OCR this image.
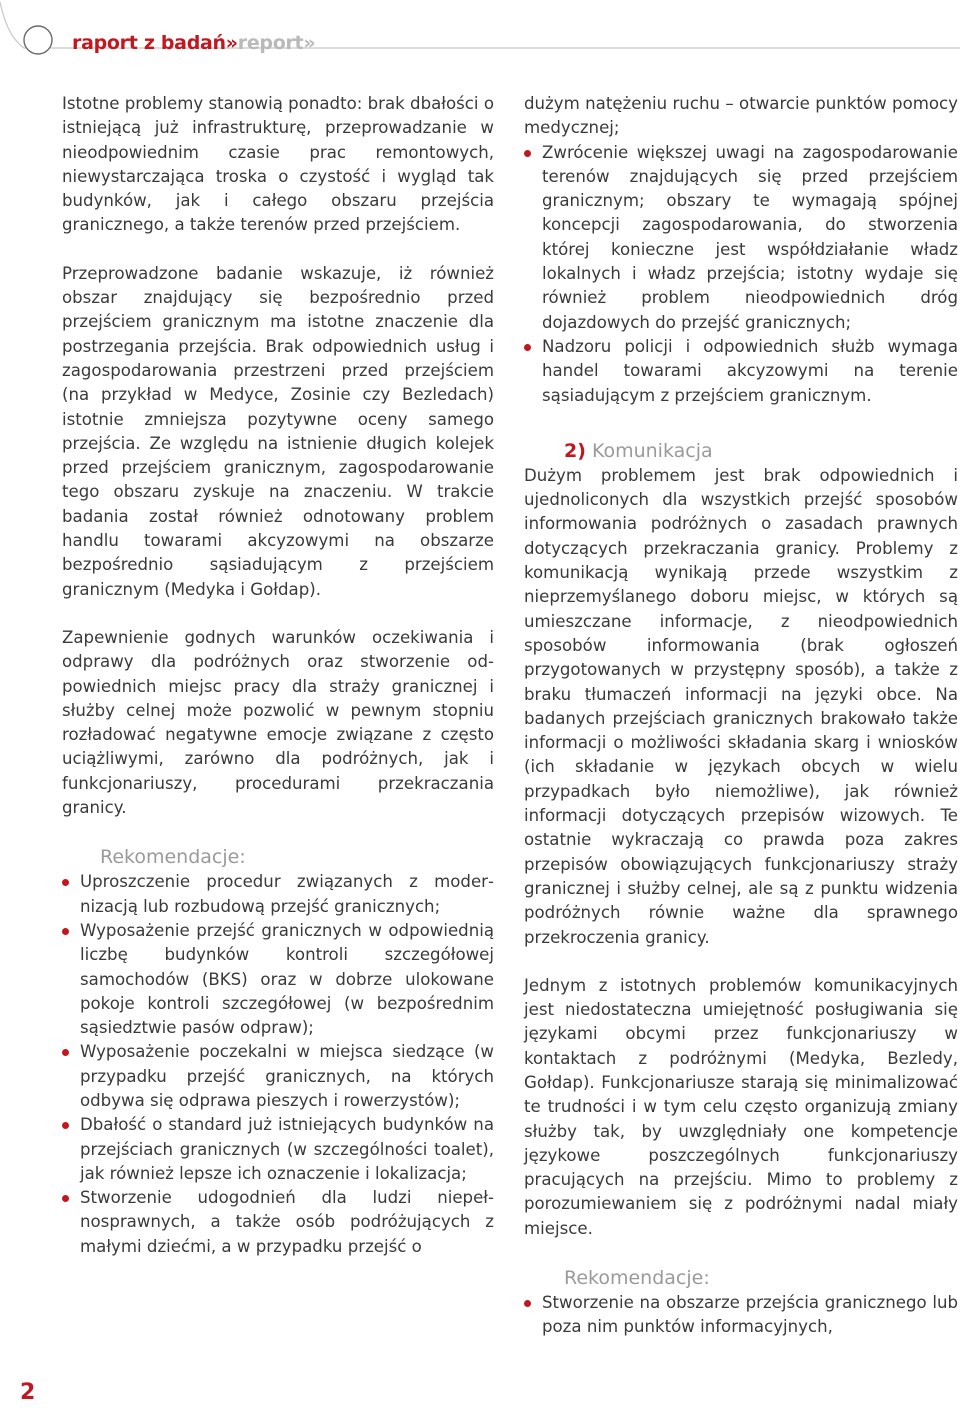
raport z badań»report»

Istotne problemy stanowią ponadto: brak dbałości o istniejącą już infrastrukturę, przeprowadzanie w nieodpowiednim czasie prac remontowych, niewystarczająca troska o czystość i wygląd tak budynków, jak i całego obszaru przejścia granicznego, a także terenów przed przejściem.

Przeprowadzone badanie wskazuje, iż również obszar znajdujący się bezpośrednio przed przejściem granicznym ma istotne znaczenie dla postrzegania przejścia. Brak odpowiednich usług i zagospodarowania przestrzeni przed przejściem (na przykład w Medyce, Zosinie czy Bezledach) istotnie zmniejsza pozytywne oceny samego przejścia. Ze względu na istnienie długich kolejek przed przejściem granicznym, zagospodarowanie tego obszaru zyskuje na znaczeniu. W trakcie badania został również odnotowany problem handlu towarami akcyzowymi na obszarze bezpośrednio sąsiadującym z przejściem granicznym (Medyka i Gołdap).

Zapewnienie godnych warunków oczekiwania i odprawy dla podróżnych oraz stworzenie odpowiednich miejsc pracy dla straży granicznej i służby celnej może pozwolić w pewnym stopniu rozładować negatywne emocje związane z często uciążliwymi, zarówno dla podróżnych, jak i funkcjonariuszy, procedurami przekraczania granicy.

Rekomendacje:
Uproszczenie procedur związanych z modernizacją lub rozbudową przejść granicznych;
Wyposażenie przejść granicznych w odpowiednią liczbę budynków kontroli szczegółowej samochodów (BKS) oraz w dobrze ulokowane pokoje kontroli szczegółowej (w bezpośrednim sąsiedztwie pasów odpraw);
Wyposażenie poczekalni w miejsca siedzące (w przypadku przejść granicznych, na których odbywa się odprawa pieszych i rowerzystów);
Dbałość o standard już istniejących budynków na przejściach granicznych (w szczególności toalet), jak również lepsze ich oznaczenie i lokalizacja;
Stworzenie udogodnień dla ludzi niepełnosprawnych, a także osób podróżujących z małymi dziećmi, a w przypadku przejść o

dużym natężeniu ruchu – otwarcie punktów pomocy medycznej;

Zwrócenie większej uwagi na zagospodarowanie terenów znajdujących się przed przejściem granicznym; obszary te wymagają spójnej koncepcji zagospodarowania, do stworzenia której konieczne jest współdziałanie władz lokalnych i władz przejścia; istotny wydaje się również problem nieodpowiednich dróg dojazdowych do przejść granicznych;
Nadzoru policji i odpowiednich służb wymaga handel towarami akcyzowymi na terenie sąsiadującym z przejściem granicznym.
2) Komunikacja

Dużym problemem jest brak odpowiednich i ujednoliconych dla wszystkich przejść sposobów informowania podróżnych o zasadach prawnych dotyczących przekraczania granicy. Problemy z komunikacją wynikają przede wszystkim z nieprzemyślanego doboru miejsc, w których są umieszczane informacje, z nieodpowiednich sposobów informowania (brak ogłoszeń przygotowanych w przystępny sposób), a także z braku tłumaczeń informacji na języki obce. Na badanych przejściach granicznych brakowało także informacji o możliwości składania skarg i wniosków (ich składanie w językach obcych w wielu przypadkach było niemożliwe), jak również informacji dotyczących przepisów wizowych. Te ostatnie wykraczają co prawda poza zakres przepisów obowiązujących funkcjonariuszy straży granicznej i służby celnej, ale są z punktu widzenia podróżnych równie ważne dla sprawnego przekroczenia granicy.

Jednym z istotnych problemów komunikacyjnych jest niedostateczna umiejętność posługiwania się językami obcymi przez funkcjonariuszy w kontaktach z podróżnymi (Medyka, Bezledy, Gołdap). Funkcjonariusze starają się minimalizować te trudności i w tym celu często organizują zmiany służby tak, by uwzględniały one kompetencje językowe poszczególnych funkcjonariuszy pracujących na przejściu. Mimo to problemy z porozumiewaniem się z podróżnymi nadal miały miejsce.

Rekomendacje:
Stworzenie na obszarze przejścia granicznego lub poza nim punktów informacyjnych,
2
